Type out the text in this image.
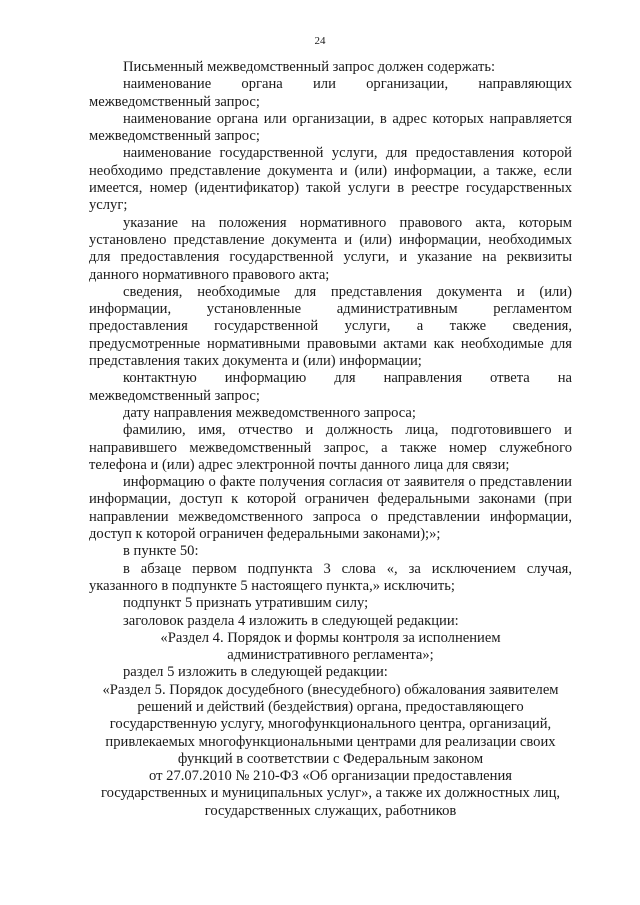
24

Письменный межведомственный запрос должен содержать:

наименование органа или организации, направляющих межведомственный запрос;

наименование органа или организации, в адрес которых направляется межведомственный запрос;

наименование государственной услуги, для предоставления которой необходимо представление документа и (или) информации, а также, если имеется, номер (идентификатор) такой услуги в реестре государственных услуг;

указание на положения нормативного правового акта, которым установлено представление документа и (или) информации, необходимых для предоставления государственной услуги, и указание на реквизиты данного нормативного правового акта;

сведения, необходимые для представления документа и (или) информации, установленные административным регламентом предоставления государственной услуги, а также сведения, предусмотренные нормативными правовыми актами как необходимые для представления таких документа и (или) информации;

контактную информацию для направления ответа на межведомственный запрос;

дату направления межведомственного запроса;

фамилию, имя, отчество и должность лица, подготовившего и направившего межведомственный запрос, а также номер служебного телефона и (или) адрес электронной почты данного лица для связи;

информацию о факте получения согласия от заявителя о представлении информации, доступ к которой ограничен федеральными законами (при направлении межведомственного запроса о представлении информации, доступ к которой ограничен федеральными законами);»;

в пункте 50:

в абзаце первом подпункта 3 слова «, за исключением случая, указанного в подпункте 5 настоящего пункта,» исключить;

подпункт 5 признать утратившим силу;

заголовок раздела 4 изложить в следующей редакции:

«Раздел 4. Порядок и формы контроля за исполнением
административного регламента»;

раздел 5 изложить в следующей редакции:

«Раздел 5. Порядок досудебного (внесудебного) обжалования заявителем
решений и действий (бездействия) органа, предоставляющего
государственную услугу, многофункционального центра, организаций,
привлекаемых многофункциональными центрами для реализации своих
функций в соответствии с Федеральным законом
от 27.07.2010 № 210-ФЗ «Об организации предоставления
государственных и муниципальных услуг», а также их должностных лиц,
государственных служащих, работников
